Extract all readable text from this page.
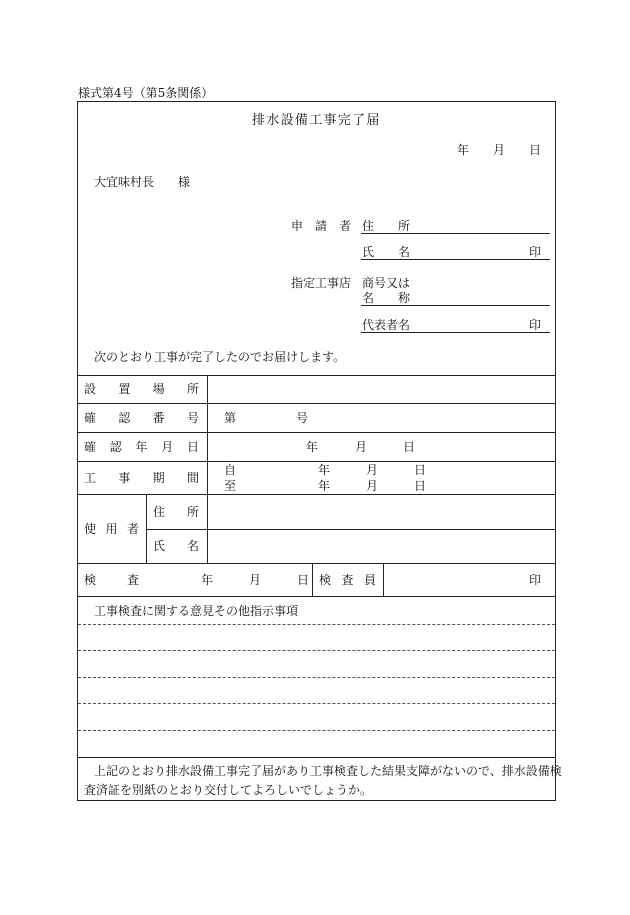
様式第4号（第5条関係）
排水設備工事完了届
年 月 日
大宜味村長　　様
申　請　者 住　　所
氏　　名	印
指定工事店 商号又は
名　　称
代表者名	印
次のとおり工事が完了したのでお届けします。
設 置 場 所
確 認 番 号 第	号
確 認 年 月 日	年	月	日
工 事 期 間
自	年	月	日
至	年	月	日
使 用 者
住 所
氏 名
検	査	年	月	日 検 査 員	印
工事検査に関する意見その他指示事項
上記のとおり排水設備工事完了届があり工事検査した結果支障がないので、排水設備検
査済証を別紙のとおり交付してよろしいでしょうか。
